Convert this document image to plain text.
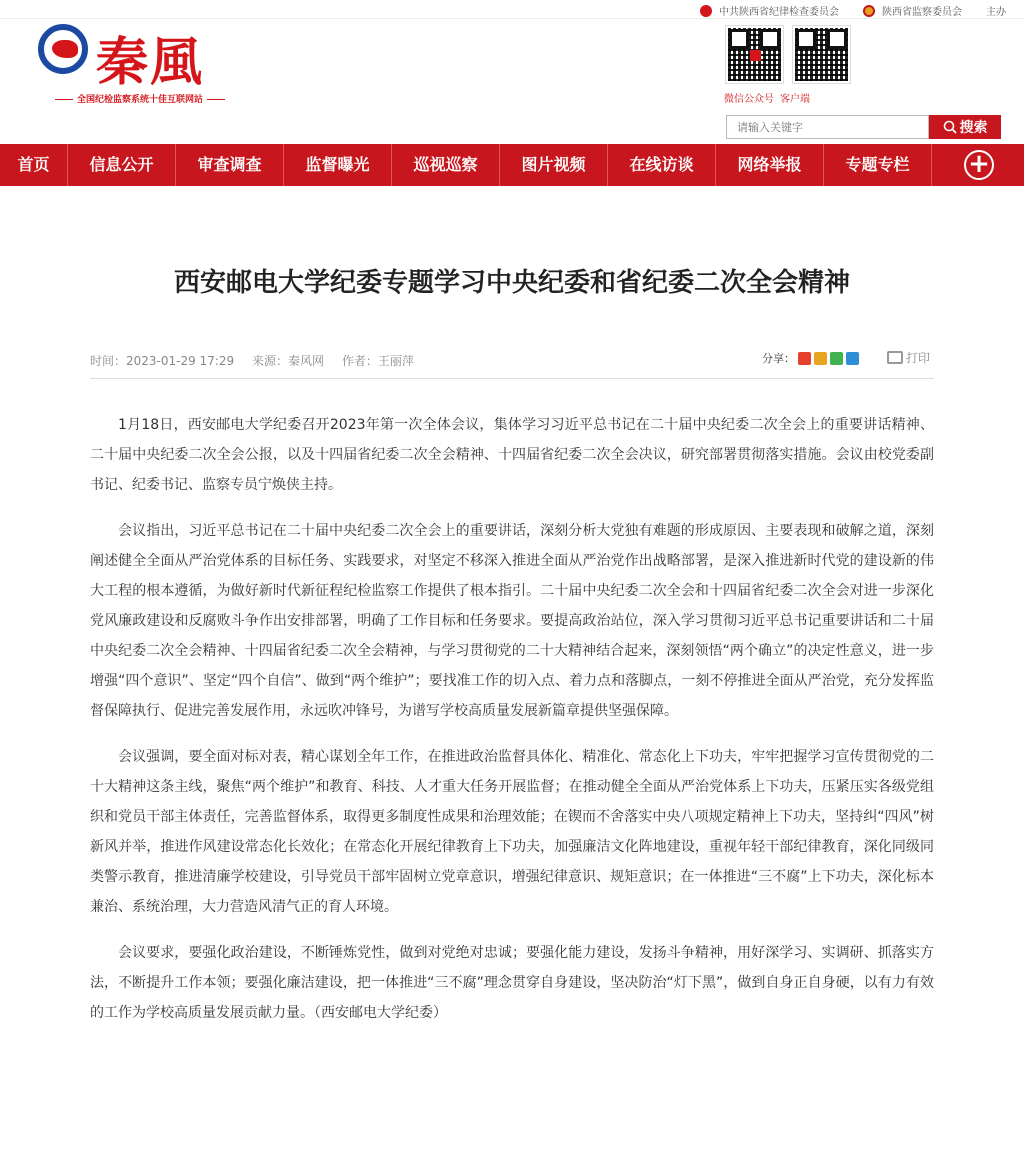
中共陕西省纪律检查委员会	陕西省监察委员会 主办
秦風
全国纪检监察系统十佳互联网站	微信公众号 客户端
请输入关键字
搜索
首页	信息公开	审查调查	监督曝光	巡视巡察	图片视频	在线访谈	网络举报	专题专栏	+
西安邮电大学纪委专题学习中央纪委和省纪委二次全会精神
时间：2023-01-29 17:29 来源：秦风网 作者：王丽萍	分享：	打印

1月18日，西安邮电大学纪委召开2023年第一次全体会议，集体学习习近平总书记在二十届中央纪委二次全会上的重要讲话精神、二十届中央纪委二次全会公报，以及十四届省纪委二次全会精神、十四届省纪委二次全会决议，研究部署贯彻落实措施。会议由校党委副书记、纪委书记、监察专员宁焕侠主持。

会议指出，习近平总书记在二十届中央纪委二次全会上的重要讲话，深刻分析大党独有难题的形成原因、主要表现和破解之道，深刻阐述健全全面从严治党体系的目标任务、实践要求，对坚定不移深入推进全面从严治党作出战略部署，是深入推进新时代党的建设新的伟大工程的根本遵循，为做好新时代新征程纪检监察工作提供了根本指引。二十届中央纪委二次全会和十四届省纪委二次全会对进一步深化党风廉政建设和反腐败斗争作出安排部署，明确了工作目标和任务要求。要提高政治站位，深入学习贯彻习近平总书记重要讲话和二十届中央纪委二次全会精神、十四届省纪委二次全会精神，与学习贯彻党的二十大精神结合起来，深刻领悟“两个确立”的决定性意义，进一步增强“四个意识”、坚定“四个自信”、做到“两个维护”；要找准工作的切入点、着力点和落脚点，一刻不停推进全面从严治党，充分发挥监督保障执行、促进完善发展作用，永远吹冲锋号，为谱写学校高质量发展新篇章提供坚强保障。

会议强调，要全面对标对表，精心谋划全年工作，在推进政治监督具体化、精准化、常态化上下功夫，牢牢把握学习宣传贯彻党的二十大精神这条主线，聚焦“两个维护”和教育、科技、人才重大任务开展监督；在推动健全全面从严治党体系上下功夫，压紧压实各级党组织和党员干部主体责任，完善监督体系，取得更多制度性成果和治理效能；在锲而不舍落实中央八项规定精神上下功夫，坚持纠“四风”树新风并举，推进作风建设常态化长效化；在常态化开展纪律教育上下功夫，加强廉洁文化阵地建设，重视年轻干部纪律教育，深化同级同类警示教育，推进清廉学校建设，引导党员干部牢固树立党章意识，增强纪律意识、规矩意识；在一体推进“三不腐”上下功夫，深化标本兼治、系统治理，大力营造风清气正的育人环境。

会议要求，要强化政治建设，不断锤炼党性，做到对党绝对忠诚；要强化能力建设，发扬斗争精神，用好深学习、实调研、抓落实方法，不断提升工作本领；要强化廉洁建设，把一体推进“三不腐”理念贯穿自身建设，坚决防治“灯下黑”，做到自身正自身硬，以有力有效的工作为学校高质量发展贡献力量。（西安邮电大学纪委）
